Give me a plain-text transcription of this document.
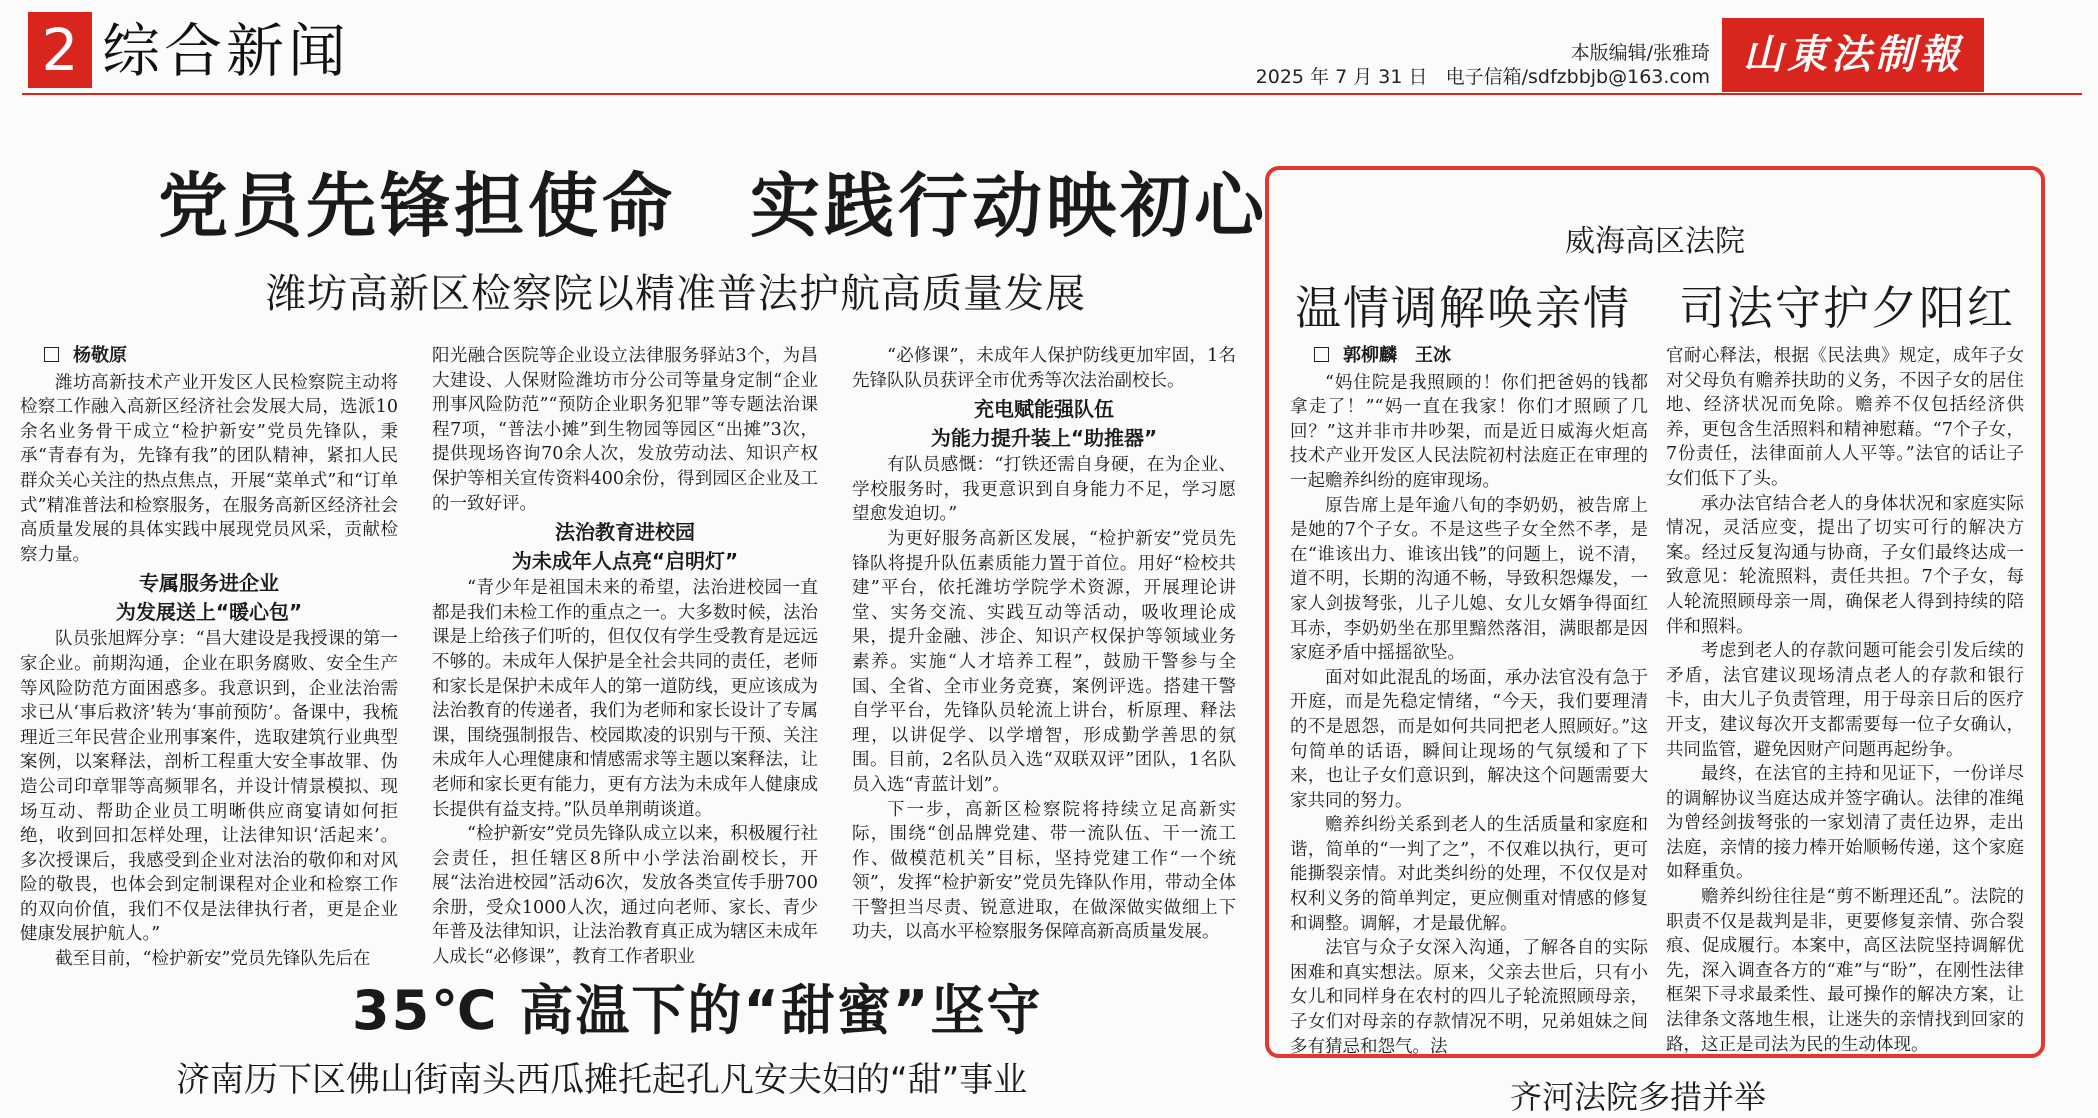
2 综合新闻	本版编辑/张雅琦
2025 年 7 月 31 日 电子信箱/sdfzbbjb@163.com 山東法制報
党员先锋担使命　实践行动映初心
潍坊高新区检察院以精准普法护航高质量发展

杨敬原

潍坊高新技术产业开发区人民检察院主动将检察工作融入高新区经济社会发展大局，选派10余名业务骨干成立“检护新安”党员先锋队，秉承“青春有为，先锋有我”的团队精神，紧扣人民群众关心关注的热点焦点，开展“菜单式”和“订单式”精准普法和检察服务，在服务高新区经济社会高质量发展的具体实践中展现党员风采，贡献检察力量。

专属服务进企业

为发展送上“暖心包”

队员张旭辉分享：“昌大建设是我授课的第一家企业。前期沟通，企业在职务腐败、安全生产等风险防范方面困惑多。我意识到，企业法治需求已从‘事后救济’转为‘事前预防’。备课中，我梳理近三年民营企业刑事案件，选取建筑行业典型案例，以案释法，剖析工程重大安全事故罪、伪造公司印章罪等高频罪名，并设计情景模拟、现场互动、帮助企业员工明晰供应商宴请如何拒绝，收到回扣怎样处理，让法律知识‘活起来’。多次授课后，我感受到企业对法治的敬仰和对风险的敬畏，也体会到定制课程对企业和检察工作的双向价值，我们不仅是法律执行者，更是企业健康发展护航人。”

截至目前，“检护新安”党员先锋队先后在

阳光融合医院等企业设立法律服务驿站3个，为昌大建设、人保财险潍坊市分公司等量身定制“企业刑事风险防范”“预防企业职务犯罪”等专题法治课程7项，“普法小摊”到生物园等园区“出摊”3次，提供现场咨询70余人次，发放劳动法、知识产权保护等相关宣传资料400余份，得到园区企业及工的一致好评。

法治教育进校园

为未成年人点亮“启明灯”

“青少年是祖国未来的希望，法治进校园一直都是我们未检工作的重点之一。大多数时候，法治课是上给孩子们听的，但仅仅有学生受教育是远远不够的。未成年人保护是全社会共同的责任，老师和家长是保护未成年人的第一道防线，更应该成为法治教育的传递者，我们为老师和家长设计了专属课，围绕强制报告、校园欺凌的识别与干预、关注未成年人心理健康和情感需求等主题以案释法，让老师和家长更有能力，更有方法为未成年人健康成长提供有益支持。”队员单荆萌谈道。

“检护新安”党员先锋队成立以来，积极履行社会责任，担任辖区8所中小学法治副校长，开展“法治进校园”活动6次，发放各类宣传手册700余册，受众1000人次，通过向老师、家长、青少年普及法律知识，让法治教育真正成为辖区未成年人成长“必修课”，教育工作者职业

“必修课”，未成年人保护防线更加牢固，1名先锋队队员获评全市优秀等次法治副校长。

充电赋能强队伍

为能力提升装上“助推器”

有队员感慨：“打铁还需自身硬，在为企业、学校服务时，我更意识到自身能力不足，学习愿望愈发迫切。”

为更好服务高新区发展，“检护新安”党员先锋队将提升队伍素质能力置于首位。用好“检校共建”平台，依托潍坊学院学术资源，开展理论讲堂、实务交流、实践互动等活动，吸收理论成果，提升金融、涉企、知识产权保护等领域业务素养。实施“人才培养工程”，鼓励干警参与全国、全省、全市业务竞赛，案例评选。搭建干警自学平台，先锋队员轮流上讲台，析原理、释法理，以讲促学、以学增智，形成勤学善思的氛围。目前，2名队员入选“双联双评”团队，1名队员入选“青蓝计划”。

下一步，高新区检察院将持续立足高新实际，围绕“创品牌党建、带一流队伍、干一流工作、做模范机关”目标，坚持党建工作“一个统领”，发挥“检护新安”党员先锋队作用，带动全体干警担当尽责、锐意进取，在做深做实做细上下功夫，以高水平检察服务保障高新高质量发展。

威海高区法院
温情调解唤亲情　司法守护夕阳红

郭柳麟　王冰

“妈住院是我照顾的！你们把爸妈的钱都拿走了！”“妈一直在我家！你们才照顾了几回？”这并非市井吵架，而是近日威海火炬高技术产业开发区人民法院初村法庭正在审理的一起赡养纠纷的庭审现场。

原告席上是年逾八旬的李奶奶，被告席上是她的7个子女。不是这些子女全然不孝，是在“谁该出力、谁该出钱”的问题上，说不清，道不明，长期的沟通不畅，导致积怨爆发，一家人剑拔弩张，儿子儿媳、女儿女婿争得面红耳赤，李奶奶坐在那里黯然落泪，满眼都是因家庭矛盾中摇摇欲坠。

面对如此混乱的场面，承办法官没有急于开庭，而是先稳定情绪，“今天，我们要理清的不是恩怨，而是如何共同把老人照顾好。”这句简单的话语，瞬间让现场的气氛缓和了下来，也让子女们意识到，解决这个问题需要大家共同的努力。

赡养纠纷关系到老人的生活质量和家庭和谐，简单的“一判了之”，不仅难以执行，更可能撕裂亲情。对此类纠纷的处理，不仅仅是对权利义务的简单判定，更应侧重对情感的修复和调整。调解，才是最优解。

法官与众子女深入沟通，了解各自的实际困难和真实想法。原来，父亲去世后，只有小女儿和同样身在农村的四儿子轮流照顾母亲，子女们对母亲的存款情况不明，兄弟姐妹之间多有猜忌和怨气。法

官耐心释法，根据《民法典》规定，成年子女对父母负有赡养扶助的义务，不因子女的居住地、经济状况而免除。赡养不仅包括经济供养，更包含生活照料和精神慰藉。“7个子女，7份责任，法律面前人人平等。”法官的话让子女们低下了头。

承办法官结合老人的身体状况和家庭实际情况，灵活应变，提出了切实可行的解决方案。经过反复沟通与协商，子女们最终达成一致意见：轮流照料，责任共担。7个子女，每人轮流照顾母亲一周，确保老人得到持续的陪伴和照料。

考虑到老人的存款问题可能会引发后续的矛盾，法官建议现场清点老人的存款和银行卡，由大儿子负责管理，用于母亲日后的医疗开支，建议每次开支都需要每一位子女确认，共同监管，避免因财产问题再起纷争。

最终，在法官的主持和见证下，一份详尽的调解协议当庭达成并签字确认。法律的准绳为曾经剑拔弩张的一家划清了责任边界，走出法庭，亲情的接力棒开始顺畅传递，这个家庭如释重负。

赡养纠纷往往是“剪不断理还乱”。法院的职责不仅是裁判是非，更要修复亲情、弥合裂痕、促成履行。本案中，高区法院坚持调解优先，深入调查各方的“难”与“盼”，在刚性法律框架下寻求最柔性、最可操作的解决方案，让法律条文落地生根，让迷失的亲情找到回家的路，这正是司法为民的生动体现。

35℃ 高温下的“甜蜜”坚守
济南历下区佛山街南头西瓜摊托起孔凡安夫妇的“甜”事业	齐河法院多措并举
